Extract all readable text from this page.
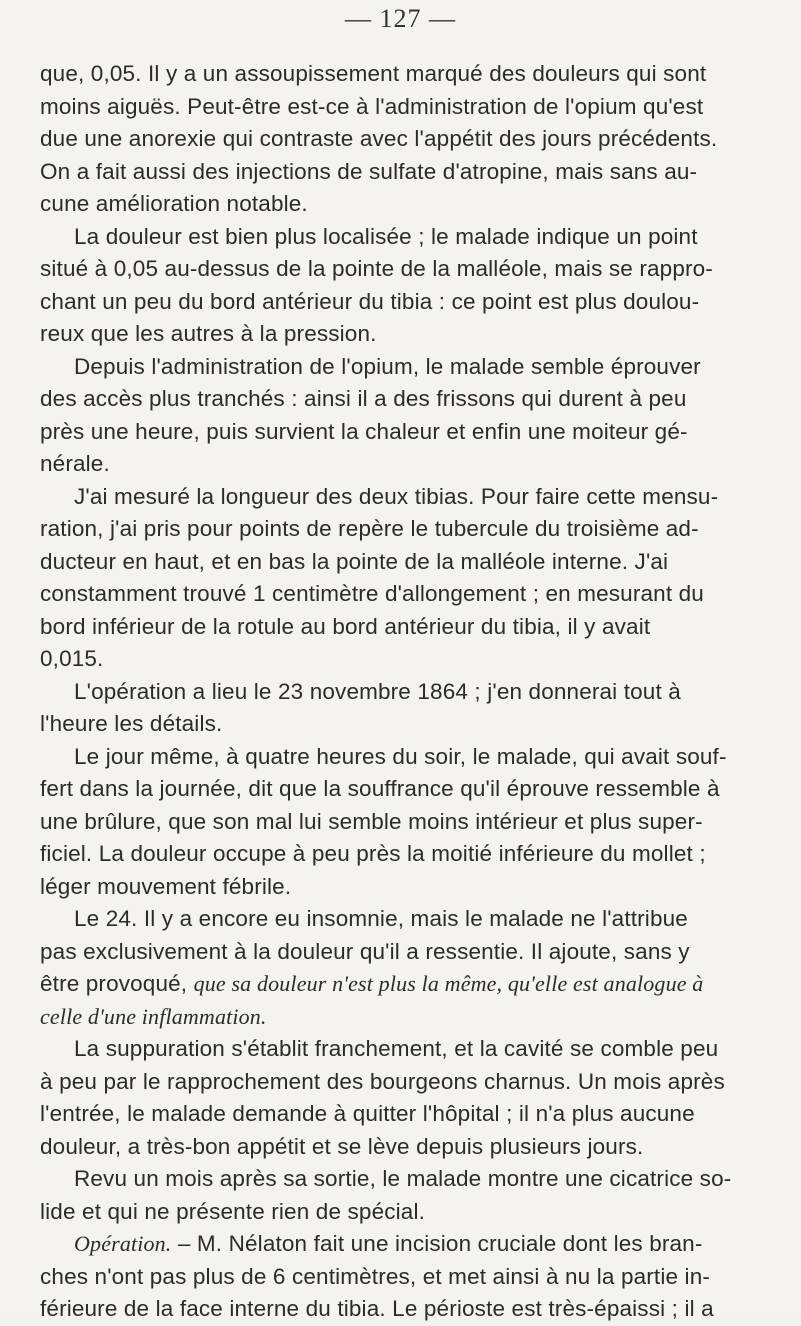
— 127 —
que, 0,05. Il y a un assoupissement marqué des douleurs qui sont
moins aiguës. Peut-être est-ce à l'administration de l'opium qu'est
due une anorexie qui contraste avec l'appétit des jours précédents.
On a fait aussi des injections de sulfate d'atropine, mais sans au-
cune amélioration notable.
La douleur est bien plus localisée ; le malade indique un point
situé à 0,05 au-dessus de la pointe de la malléole, mais se rappro-
chant un peu du bord antérieur du tibia : ce point est plus doulou-
reux que les autres à la pression.
Depuis l'administration de l'opium, le malade semble éprouver
des accès plus tranchés : ainsi il a des frissons qui durent à peu
près une heure, puis survient la chaleur et enfin une moiteur gé-
nérale.
J'ai mesuré la longueur des deux tibias. Pour faire cette mensu-
ration, j'ai pris pour points de repère le tubercule du troisième ad-
ducteur en haut, et en bas la pointe de la malléole interne. J'ai
constamment trouvé 1 centimètre d'allongement ; en mesurant du
bord inférieur de la rotule au bord antérieur du tibia, il y avait
0,015.
L'opération a lieu le 23 novembre 1864 ; j'en donnerai tout à
l'heure les détails.
Le jour même, à quatre heures du soir, le malade, qui avait souf-
fert dans la journée, dit que la souffrance qu'il éprouve ressemble à
une brûlure, que son mal lui semble moins intérieur et plus super-
ficiel. La douleur occupe à peu près la moitié inférieure du mollet ;
léger mouvement fébrile.
Le 24. Il y a encore eu insomnie, mais le malade ne l'attribue
pas exclusivement à la douleur qu'il a ressentie. Il ajoute, sans y
être provoqué, que sa douleur n'est plus la même, qu'elle est analogue à
celle d'une inflammation.
La suppuration s'établit franchement, et la cavité se comble peu
à peu par le rapprochement des bourgeons charnus. Un mois après
l'entrée, le malade demande à quitter l'hôpital ; il n'a plus aucune
douleur, a très-bon appétit et se lève depuis plusieurs jours.
Revu un mois après sa sortie, le malade montre une cicatrice so-
lide et qui ne présente rien de spécial.
Opération. – M. Nélaton fait une incision cruciale dont les bran-
ches n'ont pas plus de 6 centimètres, et met ainsi à nu la partie in-
férieure de la face interne du tibia. Le périoste est très-épaissi ; il a
